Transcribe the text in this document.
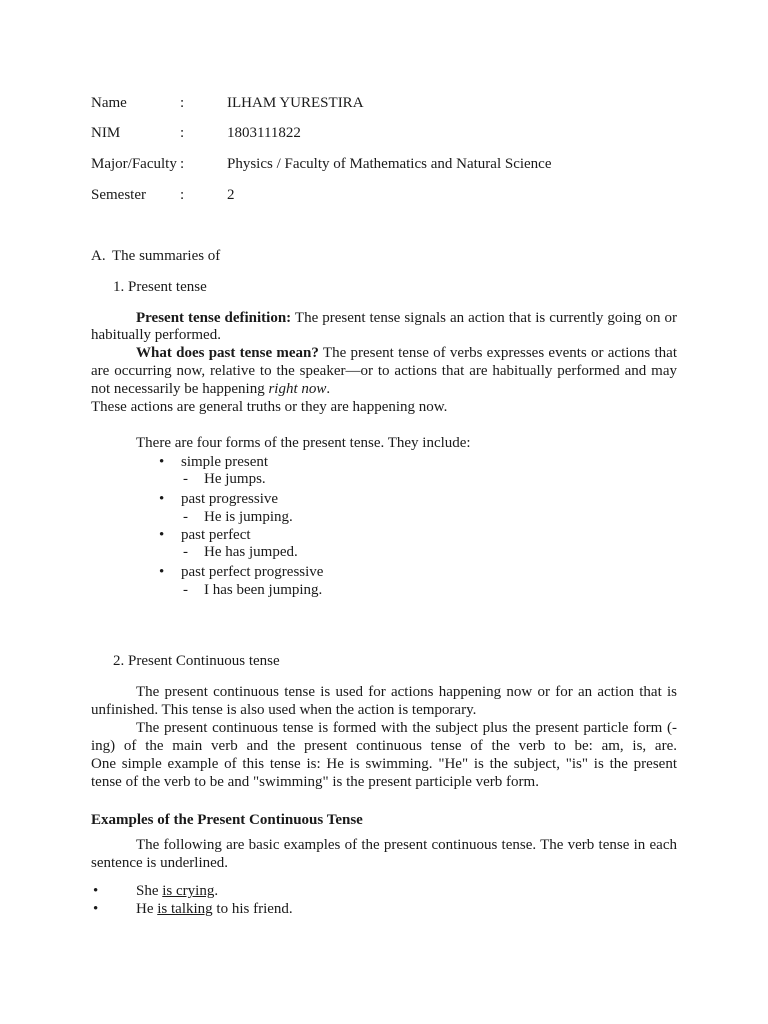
Name	:	ILHAM YURESTIRA
NIM	:	1803111822
Major/Faculty :	Physics / Faculty of Mathematics and Natural Science
Semester :	2
A. The summaries of
1. Present tense
Present tense definition: The present tense signals an action that is currently going on or
habitually performed.
What does past tense mean? The present tense of verbs expresses events or actions that
are occurring now, relative to the speaker—or to actions that are habitually performed and may
not necessarily be happening right now.
These actions are general truths or they are happening now.
There are four forms of the present tense. They include:
• simple present
- He jumps.
• past progressive
- He is jumping.
• past perfect
- He has jumped.
• past perfect progressive
- I has been jumping.
2. Present Continuous tense
The present continuous tense is used for actions happening now or for an action that is
unfinished. This tense is also used when the action is temporary.
The present continuous tense is formed with the subject plus the present particle form (-
ing) of the main verb and the present continuous tense of the verb to be: am, is, are.
One simple example of this tense is: He is swimming. "He" is the subject, "is" is the present
tense of the verb to be and "swimming" is the present participle verb form.
Examples of the Present Continuous Tense
The following are basic examples of the present continuous tense. The verb tense in each
sentence is underlined.
•	She is crying.
•	He is talking to his friend.
